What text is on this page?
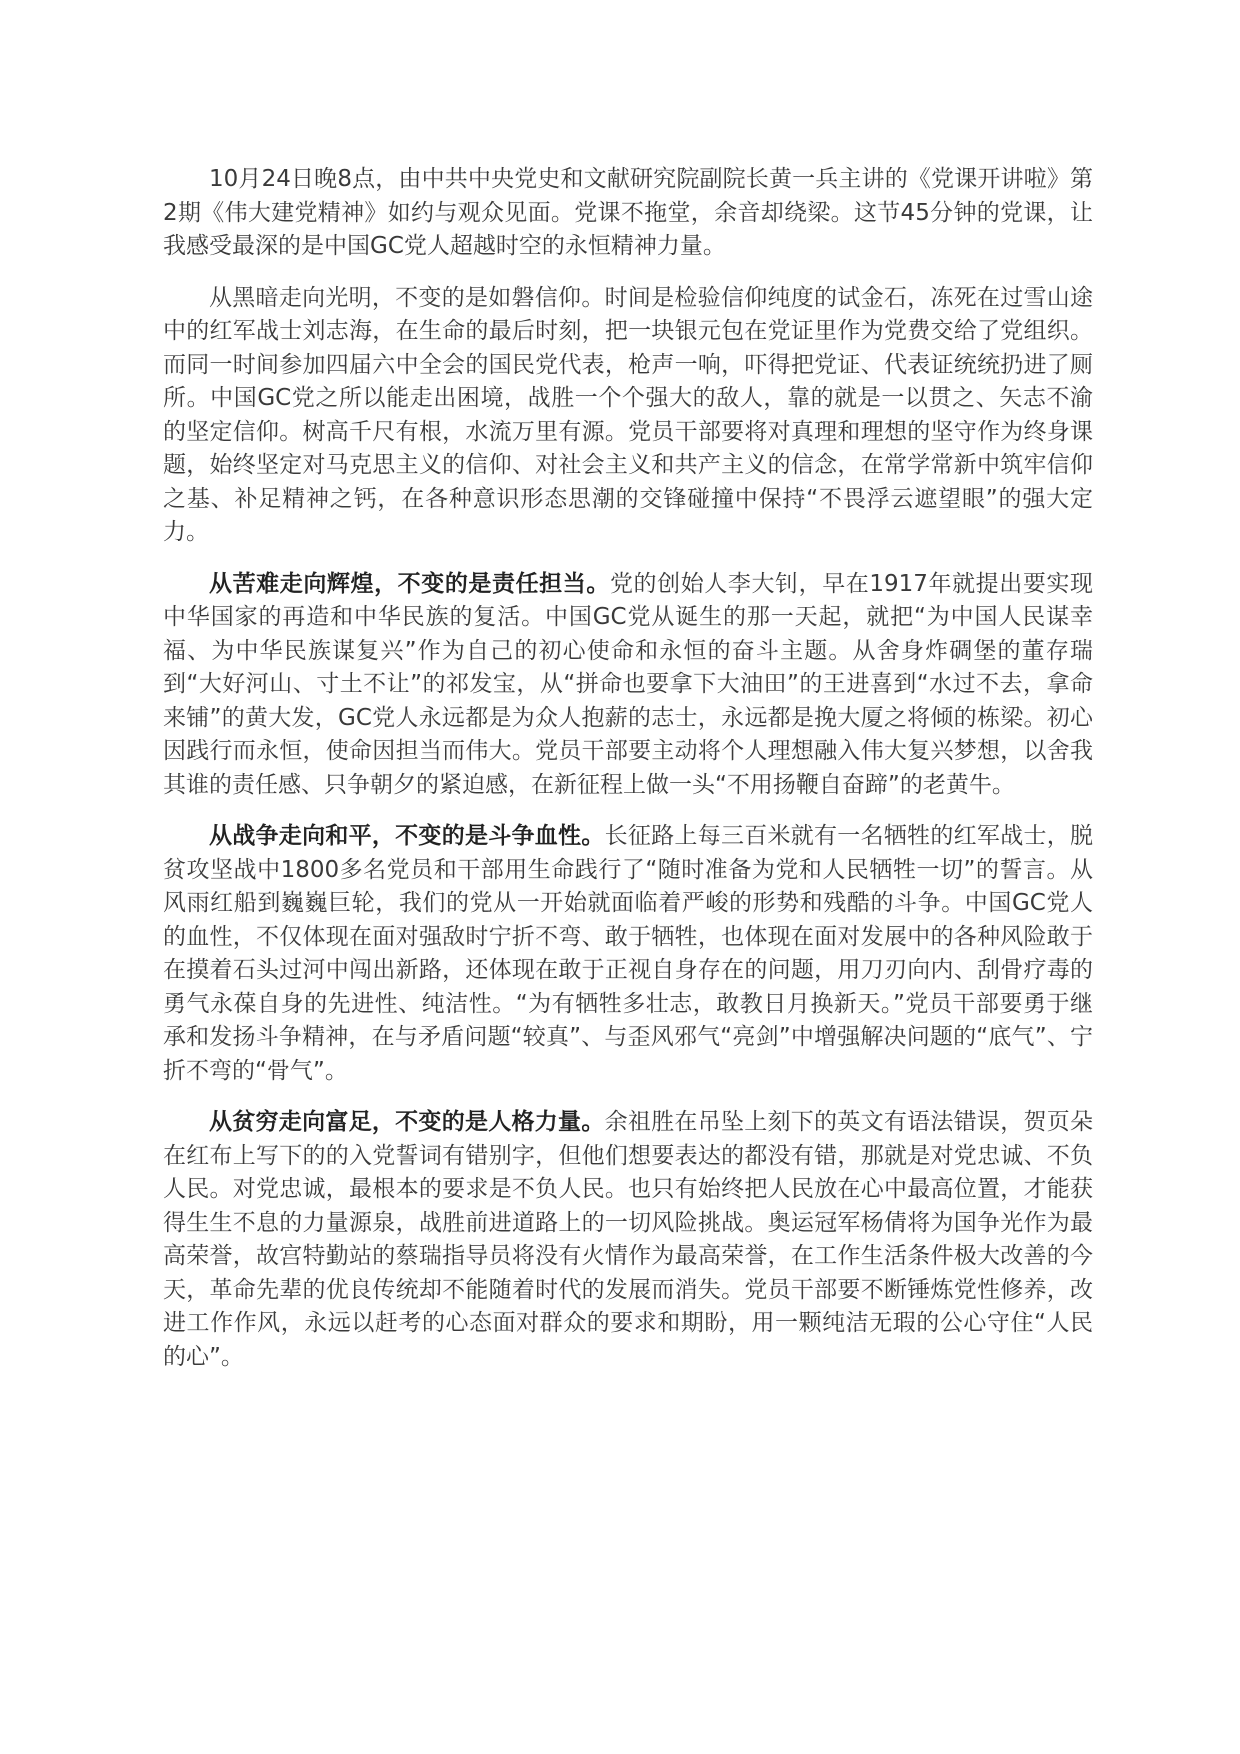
10月24日晚8点，由中共中央党史和文献研究院副院长黄一兵主讲的《党课开讲啦》第2期《伟大建党精神》如约与观众见面。党课不拖堂，余音却绕梁。这节45分钟的党课，让我感受最深的是中国GC党人超越时空的永恒精神力量。

从黑暗走向光明，不变的是如磐信仰。时间是检验信仰纯度的试金石，冻死在过雪山途中的红军战士刘志海，在生命的最后时刻，把一块银元包在党证里作为党费交给了党组织。而同一时间参加四届六中全会的国民党代表，枪声一响，吓得把党证、代表证统统扔进了厕所。中国GC党之所以能走出困境，战胜一个个强大的敌人，靠的就是一以贯之、矢志不渝的坚定信仰。树高千尺有根，水流万里有源。党员干部要将对真理和理想的坚守作为终身课题，始终坚定对马克思主义的信仰、对社会主义和共产主义的信念，在常学常新中筑牢信仰之基、补足精神之钙，在各种意识形态思潮的交锋碰撞中保持“不畏浮云遮望眼”的强大定力。

从苦难走向辉煌，不变的是责任担当。党的创始人李大钊，早在1917年就提出要实现中华国家的再造和中华民族的复活。中国GC党从诞生的那一天起，就把“为中国人民谋幸福、为中华民族谋复兴”作为自己的初心使命和永恒的奋斗主题。从舍身炸碉堡的董存瑞到“大好河山、寸土不让”的祁发宝，从“拼命也要拿下大油田”的王进喜到“水过不去，拿命来铺”的黄大发，GC党人永远都是为众人抱薪的志士，永远都是挽大厦之将倾的栋梁。初心因践行而永恒，使命因担当而伟大。党员干部要主动将个人理想融入伟大复兴梦想，以舍我其谁的责任感、只争朝夕的紧迫感，在新征程上做一头“不用扬鞭自奋蹄”的老黄牛。

从战争走向和平，不变的是斗争血性。长征路上每三百米就有一名牺牲的红军战士，脱贫攻坚战中1800多名党员和干部用生命践行了“随时准备为党和人民牺牲一切”的誓言。从风雨红船到巍巍巨轮，我们的党从一开始就面临着严峻的形势和残酷的斗争。中国GC党人的血性，不仅体现在面对强敌时宁折不弯、敢于牺牲，也体现在面对发展中的各种风险敢于在摸着石头过河中闯出新路，还体现在敢于正视自身存在的问题，用刀刃向内、刮骨疗毒的勇气永葆自身的先进性、纯洁性。“为有牺牲多壮志，敢教日月换新天。”党员干部要勇于继承和发扬斗争精神，在与矛盾问题“较真”、与歪风邪气“亮剑”中增强解决问题的“底气”、宁折不弯的“骨气”。

从贫穷走向富足，不变的是人格力量。余祖胜在吊坠上刻下的英文有语法错误，贺页朵在红布上写下的的入党誓词有错别字，但他们想要表达的都没有错，那就是对党忠诚、不负人民。对党忠诚，最根本的要求是不负人民。也只有始终把人民放在心中最高位置，才能获得生生不息的力量源泉，战胜前进道路上的一切风险挑战。奥运冠军杨倩将为国争光作为最高荣誉，故宫特勤站的蔡瑞指导员将没有火情作为最高荣誉，在工作生活条件极大改善的今天，革命先辈的优良传统却不能随着时代的发展而消失。党员干部要不断锤炼党性修养，改进工作作风，永远以赶考的心态面对群众的要求和期盼，用一颗纯洁无瑕的公心守住“人民的心”。
